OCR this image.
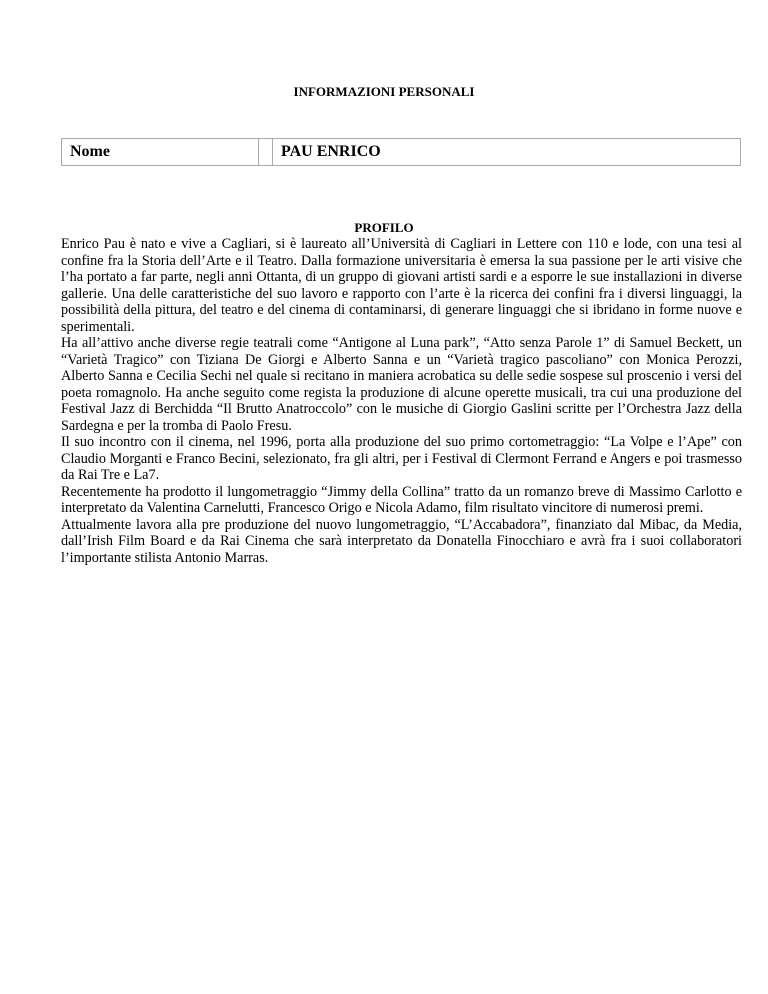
INFORMAZIONI PERSONALI
Nome		PAU ENRICO
PROFILO

Enrico Pau è nato e vive a Cagliari, si è laureato all’Università di Cagliari in Lettere con 110 e lode, con una tesi al confine fra la Storia dell’Arte e il Teatro. Dalla formazione universitaria è emersa la sua passione per le arti visive che l’ha portato a far parte, negli anni Ottanta, di un gruppo di giovani artisti sardi e a esporre le sue installazioni in diverse gallerie. Una delle caratteristiche del suo lavoro e rapporto con l’arte è la ricerca dei confini fra i diversi linguaggi, la possibilità della pittura, del teatro e del cinema di contaminarsi, di generare linguaggi che si ibridano in forme nuove e sperimentali.

Ha all’attivo anche diverse regie teatrali come “Antigone al Luna park”, “Atto senza Parole 1” di Samuel Beckett, un “Varietà Tragico” con Tiziana De Giorgi e Alberto Sanna e un “Varietà tragico pascoliano” con Monica Perozzi, Alberto Sanna e Cecilia Sechi nel quale si recitano in maniera acrobatica su delle sedie sospese sul proscenio i versi del poeta romagnolo. Ha anche seguito come regista la produzione di alcune operette musicali, tra cui una produzione del Festival Jazz di Berchidda “Il Brutto Anatroccolo” con le musiche di Giorgio Gaslini scritte per l’Orchestra Jazz della Sardegna e per la tromba di Paolo Fresu.

Il suo incontro con il cinema, nel 1996, porta alla produzione del suo primo cortometraggio: “La Volpe e l’Ape” con Claudio Morganti e Franco Becini, selezionato, fra gli altri, per i Festival di Clermont Ferrand e Angers e poi trasmesso da Rai Tre e La7.

Recentemente ha prodotto il lungometraggio “Jimmy della Collina” tratto da un romanzo breve di Massimo Carlotto e interpretato da Valentina Carnelutti, Francesco Origo e Nicola Adamo, film risultato vincitore di numerosi premi.

Attualmente lavora alla pre produzione del nuovo lungometraggio, “L’Accabadora”, finanziato dal Mibac, da Media, dall’Irish Film Board e da Rai Cinema che sarà interpretato da Donatella Finocchiaro e avrà fra i suoi collaboratori l’importante stilista Antonio Marras.
